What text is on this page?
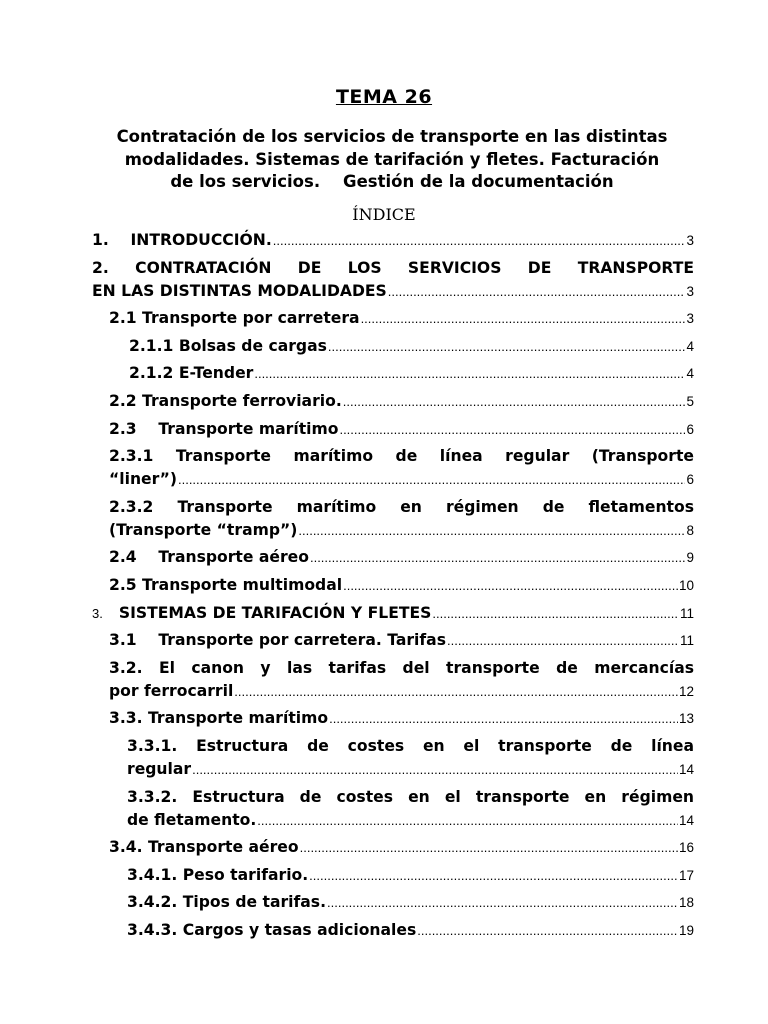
TEMA 26
Contratación de los servicios de transporte en las distintas
modalidades. Sistemas de tarifación y fletes. Facturación
de los servicios.    Gestión de la documentación
ÍNDICE
1.    INTRODUCCIÓN. .....	3
2. CONTRATACIÓN DE LOS SERVICIOS DE TRANSPORTE
EN LAS DISTINTAS MODALIDADES .....	3
2.1 Transporte por carretera .....	3
2.1.1 Bolsas de cargas .....	4
2.1.2 E-Tender .....	4
2.2 Transporte ferroviario. .....	5
2.3    Transporte marítimo .....	6
2.3.1 Transporte marítimo de línea regular (Transporte
“liner”) .....	6
2.3.2 Transporte marítimo en régimen de fletamentos
(Transporte “tramp”) .....	8
2.4    Transporte aéreo .....	9
2.5 Transporte multimodal .....	10
3. SISTEMAS DE TARIFACIÓN Y FLETES .....	11
3.1    Transporte por carretera. Tarifas .....	11
3.2. El canon y las tarifas del transporte de mercancías
por ferrocarril .....	12
3.3. Transporte marítimo .....	13
3.3.1. Estructura de costes en el transporte de línea
regular .....	14
3.3.2. Estructura de costes en el transporte en régimen
de fletamento. .....	14
3.4. Transporte aéreo .....	16
3.4.1. Peso tarifario. .....	17
3.4.2. Tipos de tarifas. .....	18
3.4.3. Cargos y tasas adicionales .....	19
